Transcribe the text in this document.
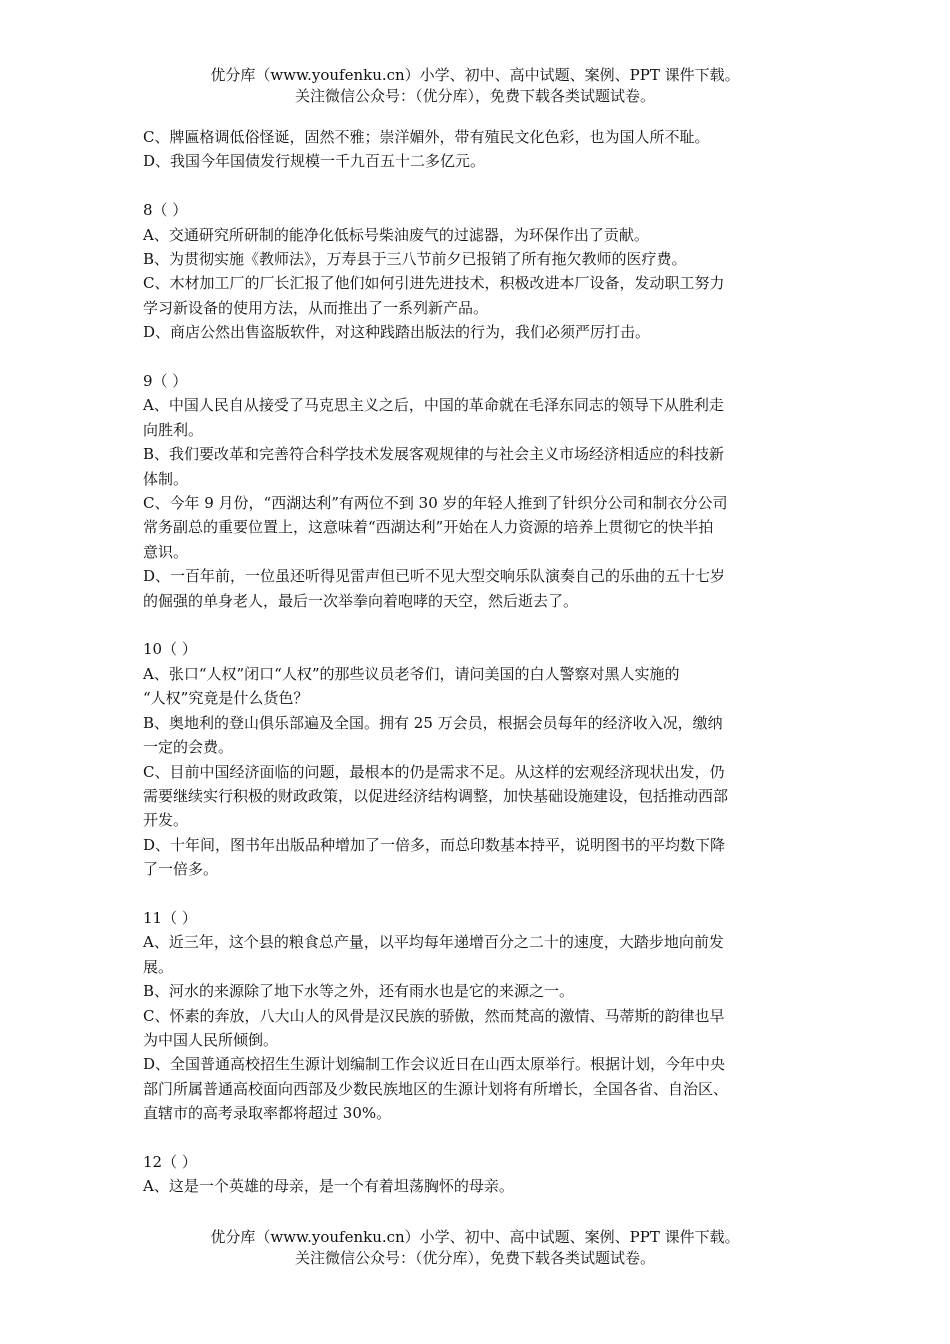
优分库（www.youfenku.cn）小学、初中、高中试题、案例、PPT 课件下载。
关注微信公众号：（优分库），免费下载各类试题试卷。
C、牌匾格调低俗怪诞，固然不雅；崇洋媚外，带有殖民文化色彩，也为国人所不耻。
D、我国今年国债发行规模一千九百五十二多亿元。
8（ ）
A、交通研究所研制的能净化低标号柴油废气的过滤器，为环保作出了贡献。
B、为贯彻实施《教师法》，万寿县于三八节前夕已报销了所有拖欠教师的医疗费。
C、木材加工厂的厂长汇报了他们如何引进先进技术，积极改进本厂设备，发动职工努力
学习新设备的使用方法，从而推出了一系列新产品。
D、商店公然出售盗版软件，对这种践踏出版法的行为，我们必须严厉打击。
9（ ）
A、中国人民自从接受了马克思主义之后，中国的革命就在毛泽东同志的领导下从胜利走
向胜利。
B、我们要改革和完善符合科学技术发展客观规律的与社会主义市场经济相适应的科技新
体制。
C、今年 9 月份，“西湖达利”有两位不到 30 岁的年轻人推到了针织分公司和制衣分公司
常务副总的重要位置上，这意味着“西湖达利”开始在人力资源的培养上贯彻它的快半拍
意识。
D、一百年前，一位虽还听得见雷声但已听不见大型交响乐队演奏自己的乐曲的五十七岁
的倔强的单身老人，最后一次举拳向着咆哮的天空，然后逝去了。
10（ ）
A、张口“人权”闭口“人权”的那些议员老爷们，请问美国的白人警察对黑人实施的
“人权”究竟是什么货色？
B、奥地利的登山俱乐部遍及全国。拥有 25 万会员，根据会员每年的经济收入况，缴纳
一定的会费。
C、目前中国经济面临的问题，最根本的仍是需求不足。从这样的宏观经济现状出发，仍
需要继续实行积极的财政政策，以促进经济结构调整，加快基础设施建设，包括推动西部
开发。
D、十年间，图书年出版品种增加了一倍多，而总印数基本持平，说明图书的平均数下降
了一倍多。
11（ ）
A、近三年，这个县的粮食总产量，以平均每年递增百分之二十的速度，大踏步地向前发
展。
B、河水的来源除了地下水等之外，还有雨水也是它的来源之一。
C、怀素的奔放，八大山人的风骨是汉民族的骄傲，然而梵高的激情、马蒂斯的韵律也早
为中国人民所倾倒。
D、全国普通高校招生生源计划编制工作会议近日在山西太原举行。根据计划，今年中央
部门所属普通高校面向西部及少数民族地区的生源计划将有所增长，全国各省、自治区、
直辖市的高考录取率都将超过 30%。
12（ ）
A、这是一个英雄的母亲，是一个有着坦荡胸怀的母亲。
优分库（www.youfenku.cn）小学、初中、高中试题、案例、PPT 课件下载。
关注微信公众号：（优分库），免费下载各类试题试卷。
